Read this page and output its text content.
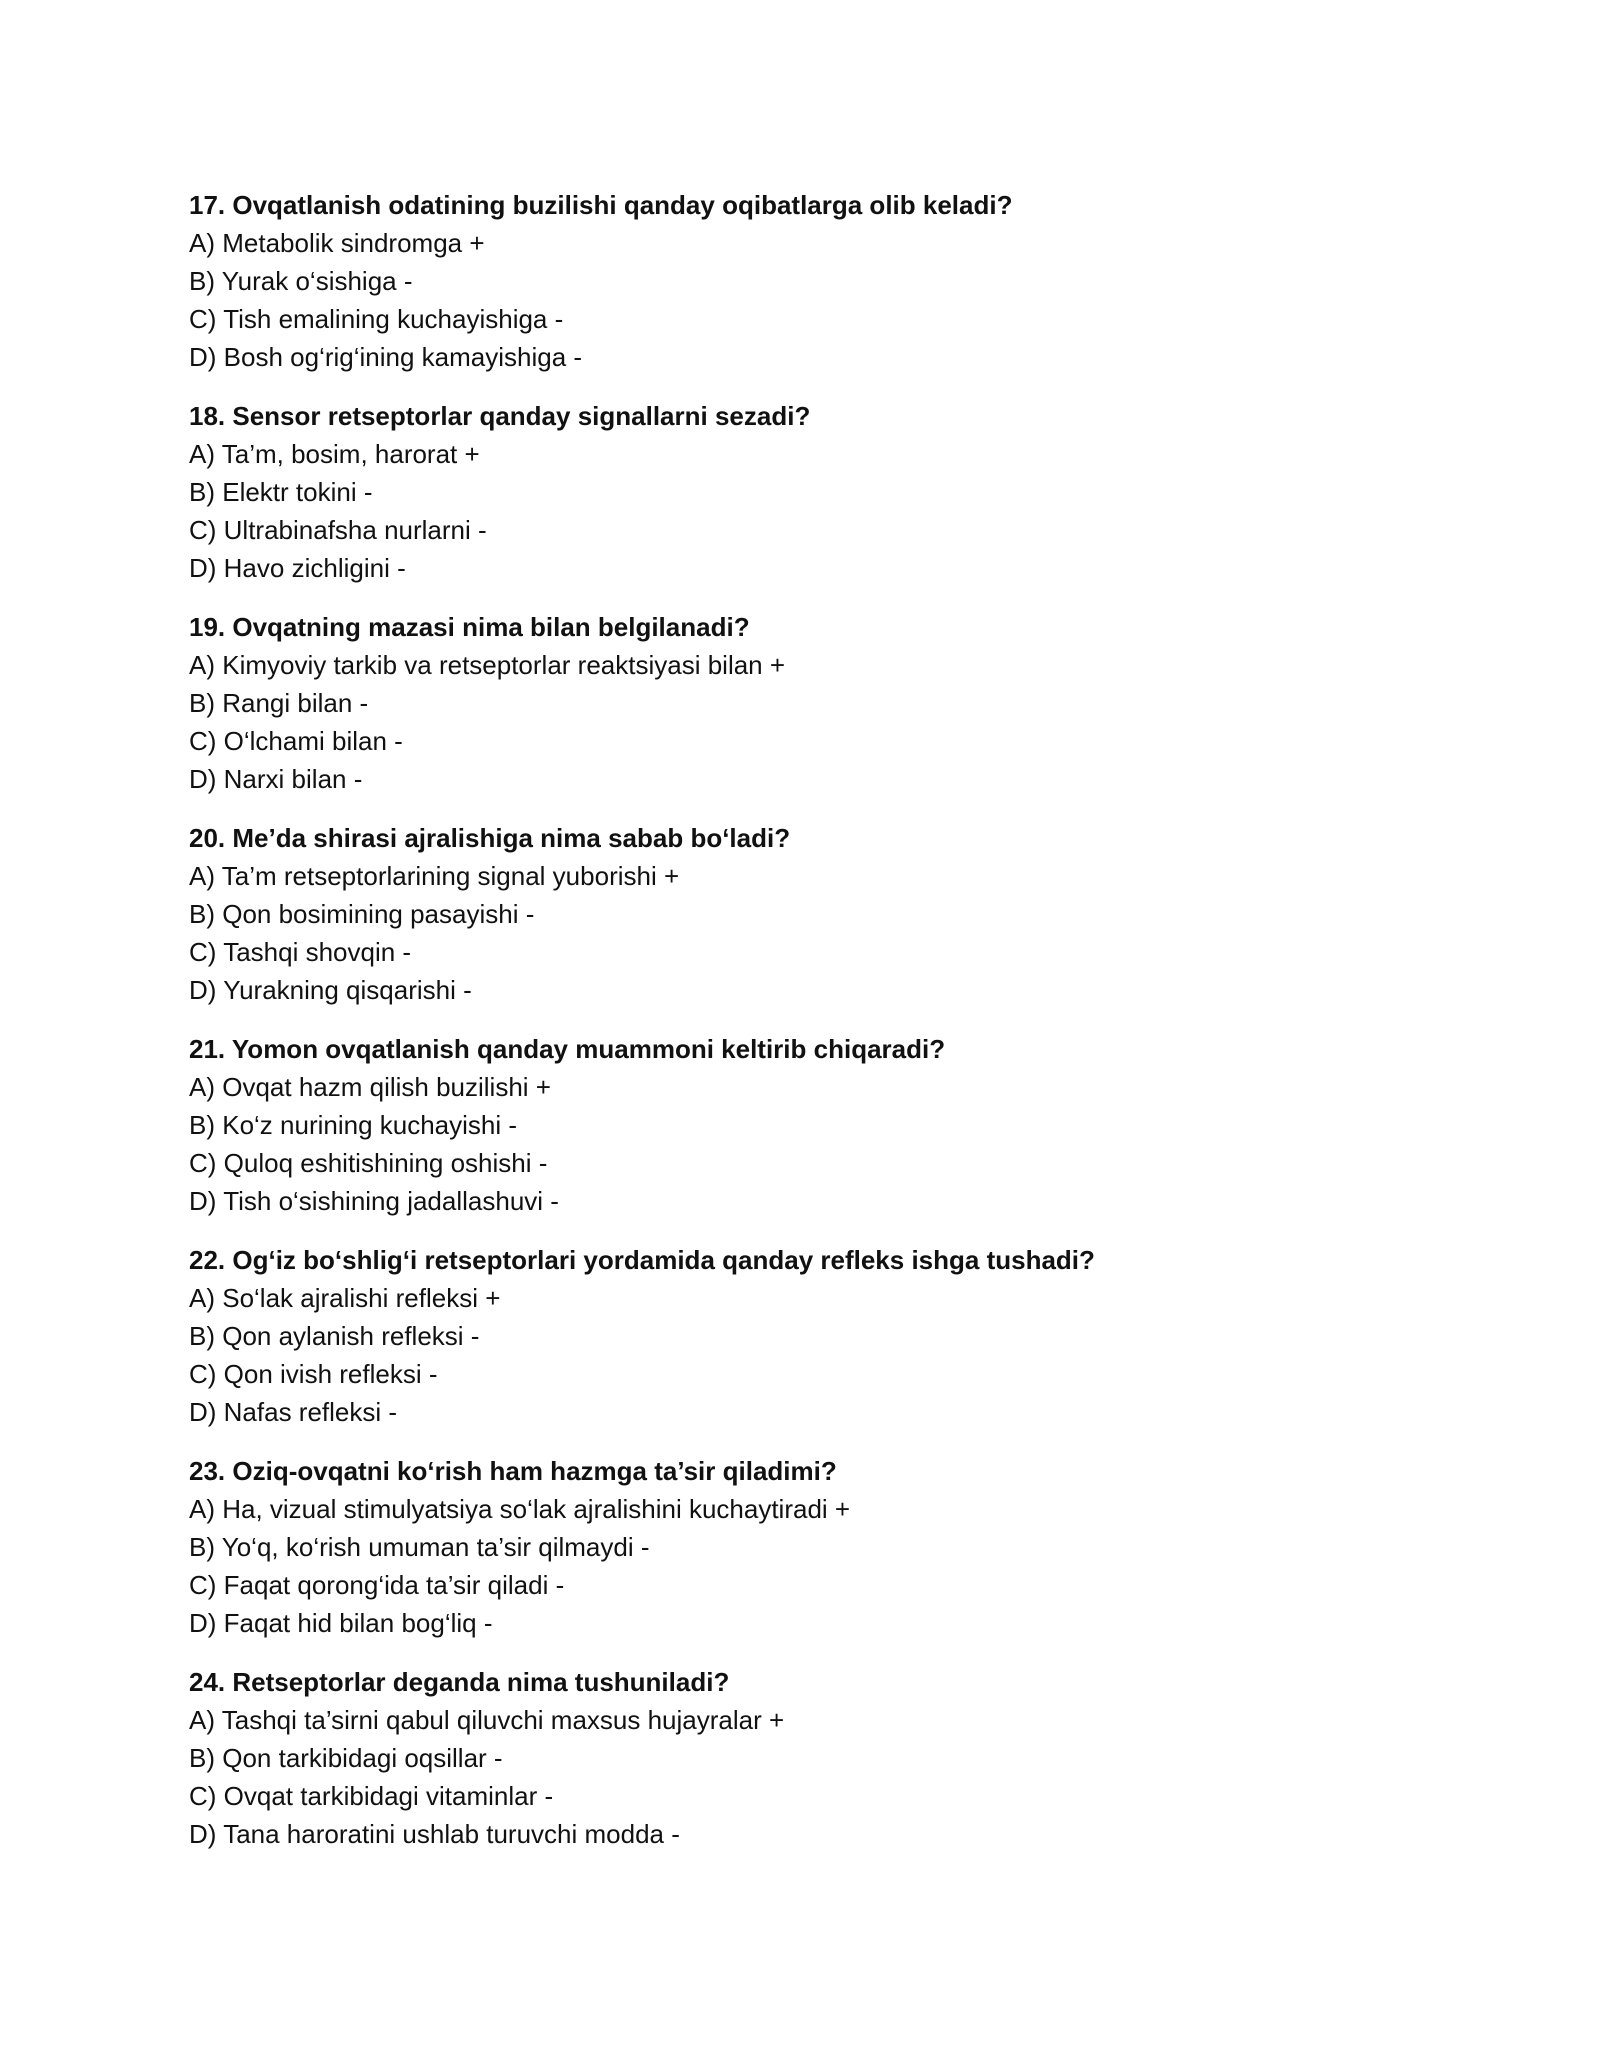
17. Ovqatlanish odatining buzilishi qanday oqibatlarga olib keladi?
A) Metabolik sindromga +
B) Yurak o‘sishiga -
C) Tish emalining kuchayishiga -
D) Bosh og‘rig‘ining kamayishiga -
18. Sensor retseptorlar qanday signallarni sezadi?
A) Ta’m, bosim, harorat +
B) Elektr tokini -
C) Ultrabinafsha nurlarni -
D) Havo zichligini -
19. Ovqatning mazasi nima bilan belgilanadi?
A) Kimyoviy tarkib va retseptorlar reaktsiyasi bilan +
B) Rangi bilan -
C) O‘lchami bilan -
D) Narxi bilan -
20. Me’da shirasi ajralishiga nima sabab bo‘ladi?
A) Ta’m retseptorlarining signal yuborishi +
B) Qon bosimining pasayishi -
C) Tashqi shovqin -
D) Yurakning qisqarishi -
21. Yomon ovqatlanish qanday muammoni keltirib chiqaradi?
A) Ovqat hazm qilish buzilishi +
B) Ko‘z nurining kuchayishi -
C) Quloq eshitishining oshishi -
D) Tish o‘sishining jadallashuvi -
22. Og‘iz bo‘shlig‘i retseptorlari yordamida qanday refleks ishga tushadi?
A) So‘lak ajralishi refleksi +
B) Qon aylanish refleksi -
C) Qon ivish refleksi -
D) Nafas refleksi -
23. Oziq-ovqatni ko‘rish ham hazmga ta’sir qiladimi?
A) Ha, vizual stimulyatsiya so‘lak ajralishini kuchaytiradi +
B) Yo‘q, ko‘rish umuman ta’sir qilmaydi -
C) Faqat qorong‘ida ta’sir qiladi -
D) Faqat hid bilan bog‘liq -
24. Retseptorlar deganda nima tushuniladi?
A) Tashqi ta’sirni qabul qiluvchi maxsus hujayralar +
B) Qon tarkibidagi oqsillar -
C) Ovqat tarkibidagi vitaminlar -
D) Tana haroratini ushlab turuvchi modda -
